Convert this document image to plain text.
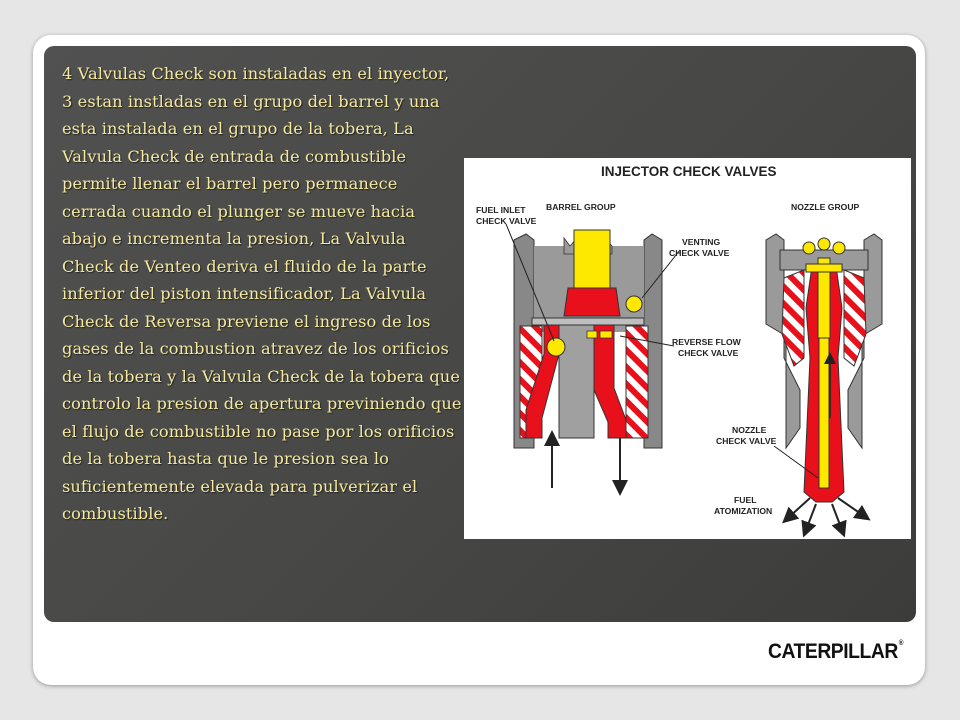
4 Valvulas Check son instaladas en el inyector, 3 estan instladas en el grupo del barrel y una esta instalada en el grupo de la tobera, La Valvula Check de entrada de combustible permite llenar el barrel pero permanece cerrada cuando el plunger se mueve hacia abajo e incrementa la presion, La Valvula Check de Venteo deriva el fluido de la parte inferior del piston intensificador, La Valvula Check de Reversa previene el ingreso de los gases de la combustion atravez de los orificios de la tobera y la Valvula Check de la tobera que controlo la presion de apertura previniendo que el flujo de combustible no pase por los orificios de la tobera hasta que le presion sea lo suficientemente elevada para pulverizar el combustible.
INJECTOR CHECK VALVES
BARREL GROUP	NOZZLE GROUP
FUEL INLET
CHECK VALVE
VENTING
CHECK VALVE
REVERSE FLOW
CHECK VALVE
NOZZLE
CHECK VALVE
FUEL
ATOMIZATION
CATERPILLAR®
